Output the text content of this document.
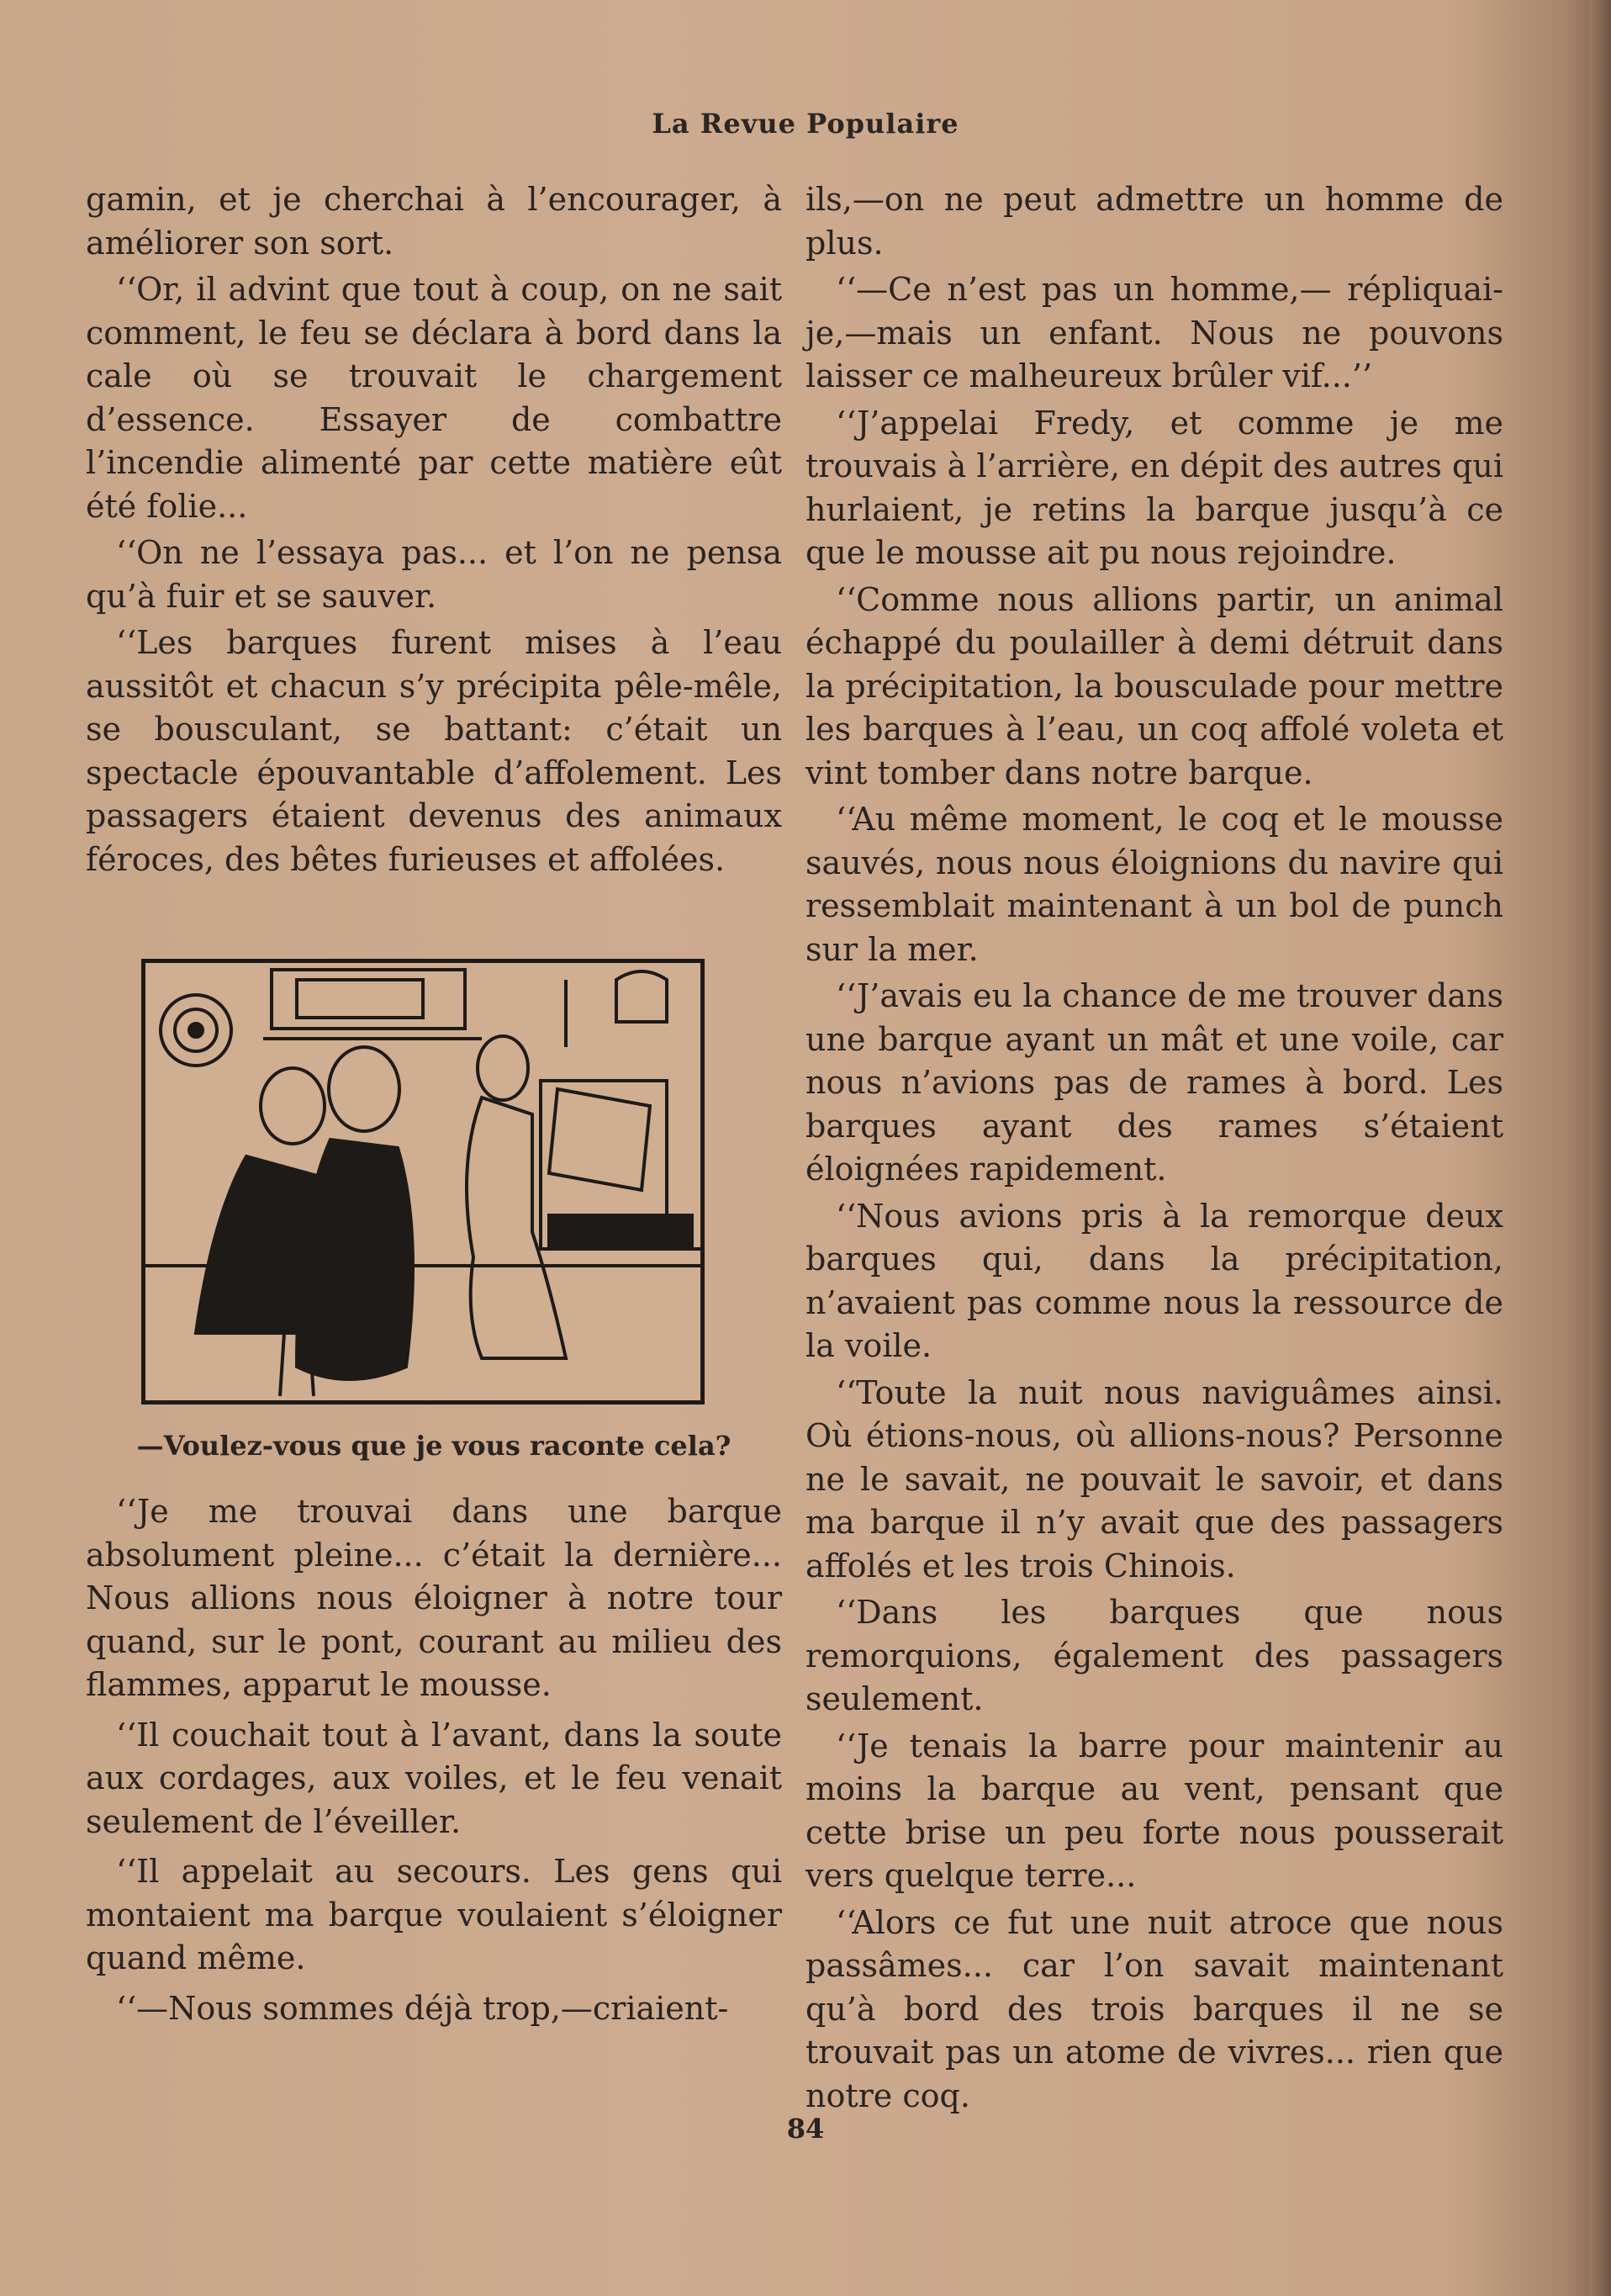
La Revue Populaire

gamin, et je cherchai à l’encourager, à améliorer son sort.

‘‘Or, il advint que tout à coup, on ne sait comment, le feu se déclara à bord dans la cale où se trouvait le chargement d’essence. Essayer de combattre l’incendie alimenté par cette matière eût été folie...

‘‘On ne l’essaya pas... et l’on ne pensa qu’à fuir et se sauver.

‘‘Les barques furent mises à l’eau aussitôt et chacun s’y précipita pêle-mêle, se bousculant, se battant: c’était un spectacle épouvantable d’affolement. Les passagers étaient devenus des animaux féroces, des bêtes furieuses et affolées.

—Voulez-vous que je vous raconte cela?

‘‘Je me trouvai dans une barque absolument pleine... c’était la dernière... Nous allions nous éloigner à notre tour quand, sur le pont, courant au milieu des flammes, apparut le mousse.

‘‘Il couchait tout à l’avant, dans la soute aux cordages, aux voiles, et le feu venait seulement de l’éveiller.

‘‘Il appelait au secours. Les gens qui montaient ma barque voulaient s’éloigner quand même.

‘‘—Nous sommes déjà trop,—criaient-

ils,—on ne peut admettre un homme de plus.

‘‘—Ce n’est pas un homme,— répliquai-je,—mais un enfant. Nous ne pouvons laisser ce malheureux brûler vif...’’

‘‘J’appelai Fredy, et comme je me trouvais à l’arrière, en dépit des autres qui hurlaient, je retins la barque jusqu’à ce que le mousse ait pu nous rejoindre.

‘‘Comme nous allions partir, un animal échappé du poulailler à demi détruit dans la précipitation, la bousculade pour mettre les barques à l’eau, un coq affolé voleta et vint tomber dans notre barque.

‘‘Au même moment, le coq et le mousse sauvés, nous nous éloignions du navire qui ressemblait maintenant à un bol de punch sur la mer.

‘‘J’avais eu la chance de me trouver dans une barque ayant un mât et une voile, car nous n’avions pas de rames à bord. Les barques ayant des rames s’étaient éloignées rapidement.

‘‘Nous avions pris à la remorque deux barques qui, dans la précipitation, n’avaient pas comme nous la ressource de la voile.

‘‘Toute la nuit nous naviguâmes ainsi. Où étions-nous, où allions-nous? Personne ne le savait, ne pouvait le savoir, et dans ma barque il n’y avait que des passagers affolés et les trois Chinois.

‘‘Dans les barques que nous remorquions, également des passagers seulement.

‘‘Je tenais la barre pour maintenir au moins la barque au vent, pensant que cette brise un peu forte nous pousserait vers quelque terre...

‘‘Alors ce fut une nuit atroce que nous passâmes... car l’on savait maintenant qu’à bord des trois barques il ne se trouvait pas un atome de vivres... rien que notre coq.

84
